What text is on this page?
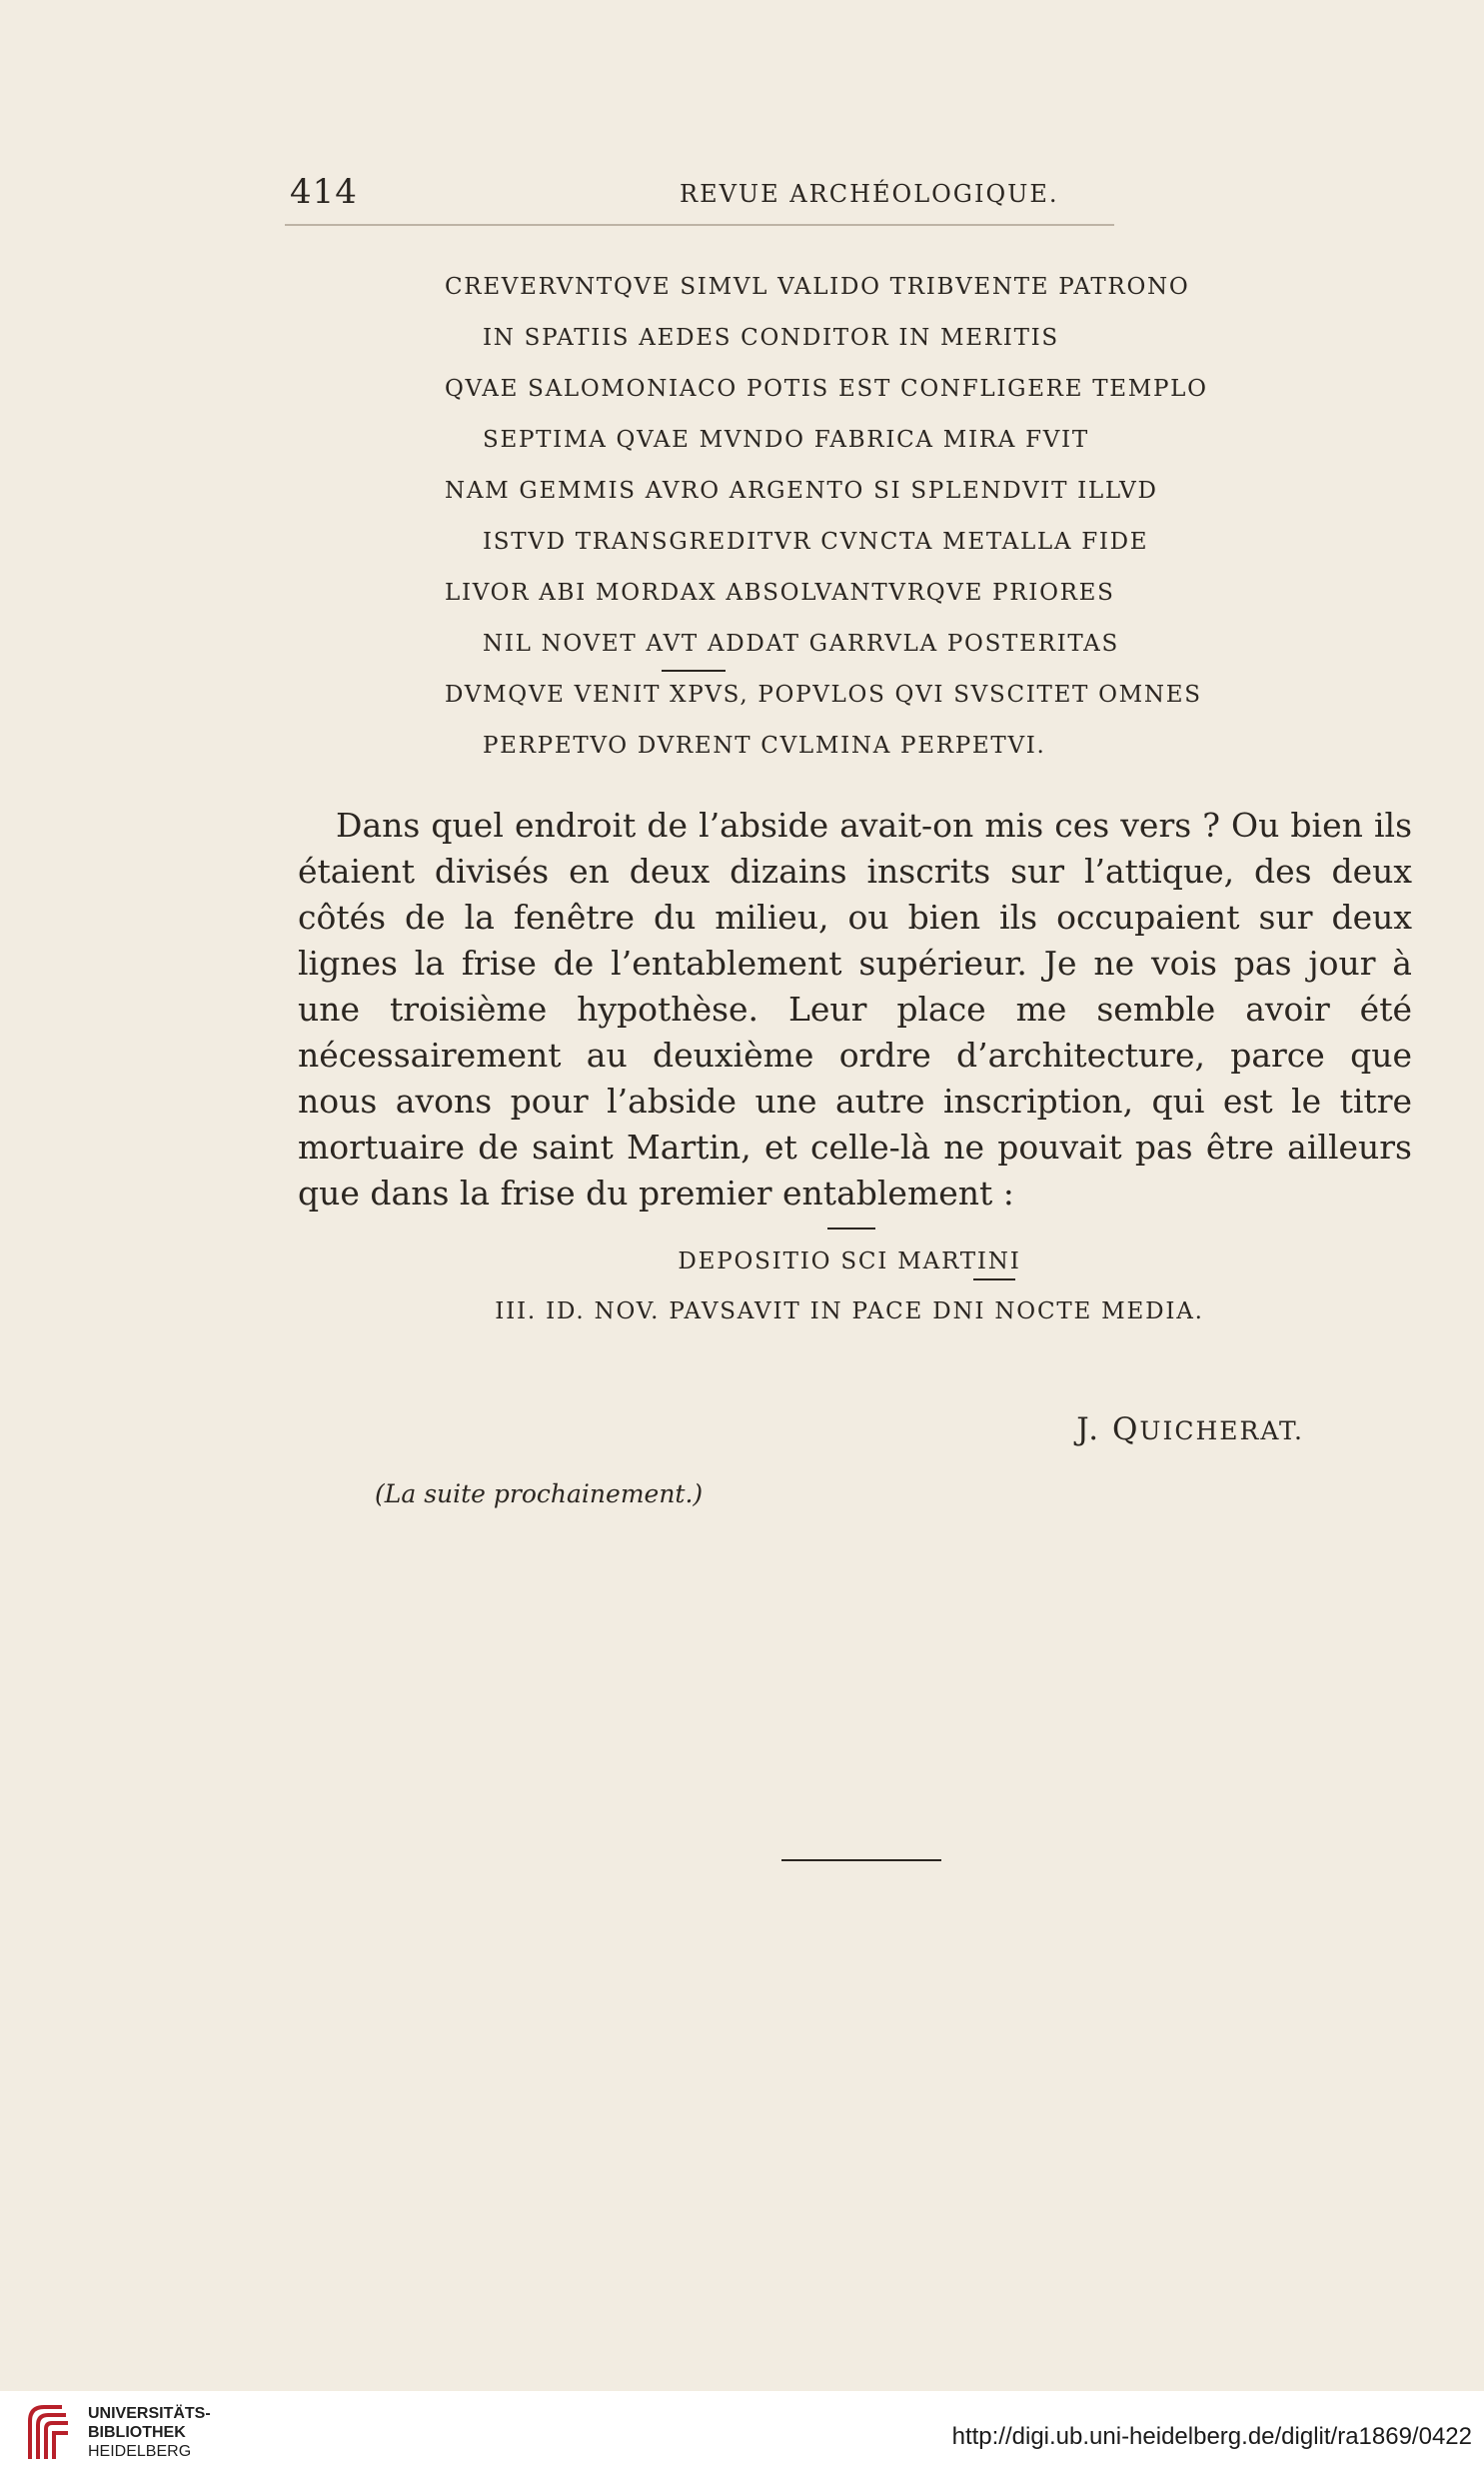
414	REVUE ARCHÉOLOGIQUE.
CREVERVNTQVE SIMVL VALIDO TRIBVENTE PATRONO
IN SPATIIS AEDES CONDITOR IN MERITIS
QVAE SALOMONIACO POTIS EST CONFLIGERE TEMPLO
SEPTIMA QVAE MVNDO FABRICA MIRA FVIT
NAM GEMMIS AVRO ARGENTO SI SPLENDVIT ILLVD
ISTVD TRANSGREDITVR CVNCTA METALLA FIDE
LIVOR ABI MORDAX ABSOLVANTVRQVE PRIORES
NIL NOVET AVT ADDAT GARRVLA POSTERITAS
DVMQVE VENIT XPVS, POPVLOS QVI SVSCITET OMNES
PERPETVO DVRENT CVLMINA PERPETVI.

Dans quel endroit de l’abside avait-on mis ces vers ? Ou bien ils étaient divisés en deux dizains inscrits sur l’attique, des deux côtés de la fenêtre du milieu, ou bien ils occupaient sur deux lignes la frise de l’entablement supérieur. Je ne vois pas jour à une troisième hypothèse. Leur place me semble avoir été nécessairement au deuxième ordre d’architecture, parce que nous avons pour l’abside une autre inscription, qui est le titre mortuaire de saint Martin, et celle-là ne pouvait pas être ailleurs que dans la frise du premier entablement :

DEPOSITIO SCI MARTINI
III. ID. NOV. PAVSAVIT IN PACE DNI NOCTE MEDIA.
J. QUICHERAT.
(La suite prochainement.)
UNIVERSITÄTS-
BIBLIOTHEK
HEIDELBERG
http://digi.ub.uni-heidelberg.de/diglit/ra1869/0422
